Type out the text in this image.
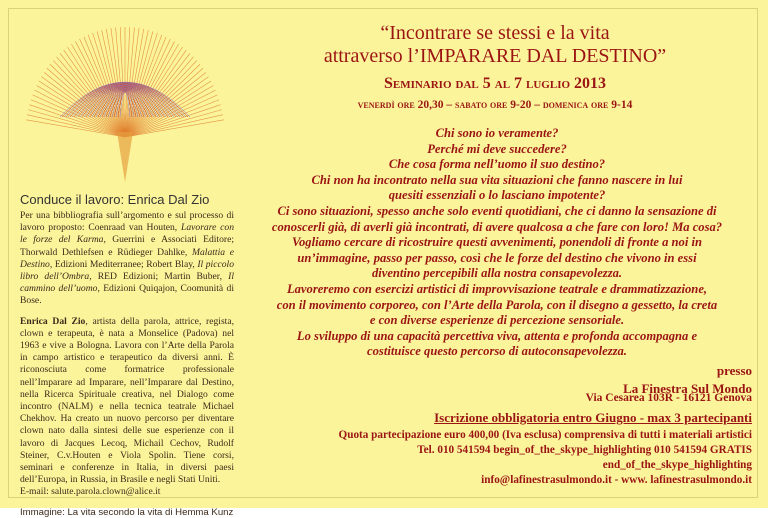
Conduce il lavoro: Enrica Dal Zio

Per una bibbliografia sull’argomento e sul processo di lavoro proposto: Coenraad van Houten, Lavorare con le forze del Karma, Guerrini e Associati Editore; Thorwald Dethlefsen e Rüdieger Dahlke, Malattia e Destino, Edizioni Mediterranee; Robert Blay, Il piccolo libro dell’Ombra, RED Edizioni; Martin Buber, Il cammino dell’uomo, Edizioni Quiqajon, Coomunità di Bose.

Enrica Dal Zio, artista della parola, attrice, regista, clown e terapeuta, è nata a Monselice (Padova) nel 1963 e vive a Bologna. Lavora con l’Arte della Parola in campo artistico e terapeutico da diversi anni. È riconosciuta come formatrice professionale nell’Imparare ad Imparare, nell’Imparare dal Destino, nella Ricerca Spirituale creativa, nel Dialogo come incontro (NALM) e nella tecnica teatrale Michael Chekhov. Ha creato un nuovo percorso per diventare clown nato dalla sintesi delle sue esperienze con il lavoro di Jacques Lecoq, Michail Cechov, Rudolf Steiner, C.v.Houten e Viola Spolin. Tiene corsi, seminari e conferenze in Italia, in diversi paesi dell’Europa, in Russia, in Brasile e negli Stati Uniti.
E-mail: salute.parola.clown@alice.it

Immagine: La vita secondo la vita di Hemma Kunz
“Incontrare se stessi e la vita
attraverso l’IMPARARE DAL DESTINO”
Seminario dal 5 al 7 luglio 2013
venerdì ore 20,30 – sabato ore 9-20 – domenica ore 9-14
Chi sono io veramente?
Perché mi deve succedere?
Che cosa forma nell’uomo il suo destino?
Chi non ha incontrato nella sua vita situazioni che fanno nascere in lui
quesiti essenziali o lo lasciano impotente?
Ci sono situazioni, spesso anche solo eventi quotidiani, che ci danno la sensazione di
conoscerli già, di averli già incontrati, di avere qualcosa a che fare con loro! Ma cosa?
Vogliamo cercare di ricostruire questi avvenimenti, ponendoli di fronte a noi in
un’immagine, passo per passo, così che le forze del destino che vivono in essi
diventino percepibili alla nostra consapevolezza.
Lavoreremo con esercizi artistici di improvvisazione teatrale e drammatizzazione,
con il movimento corporeo, con l’Arte della Parola, con il disegno a gessetto, la creta
e con diverse esperienze di percezione sensoriale.
Lo sviluppo di una capacità percettiva viva, attenta e profonda accompagna e
costituisce questo percorso di autoconsapevolezza.
presso
La Finestra Sul Mondo
Via Cesarea 103R - 16121 Genova
Iscrizione obbligatoria entro Giugno - max 3 partecipanti
Quota partecipazione euro 400,00 (Iva esclusa) comprensiva di tutti i materiali artistici
Tel. 010 541594 begin_of_the_skype_highlighting 010 541594 GRATIS
end_of_the_skype_highlighting
info@lafinestrasulmondo.it - www. lafinestrasulmondo.it
